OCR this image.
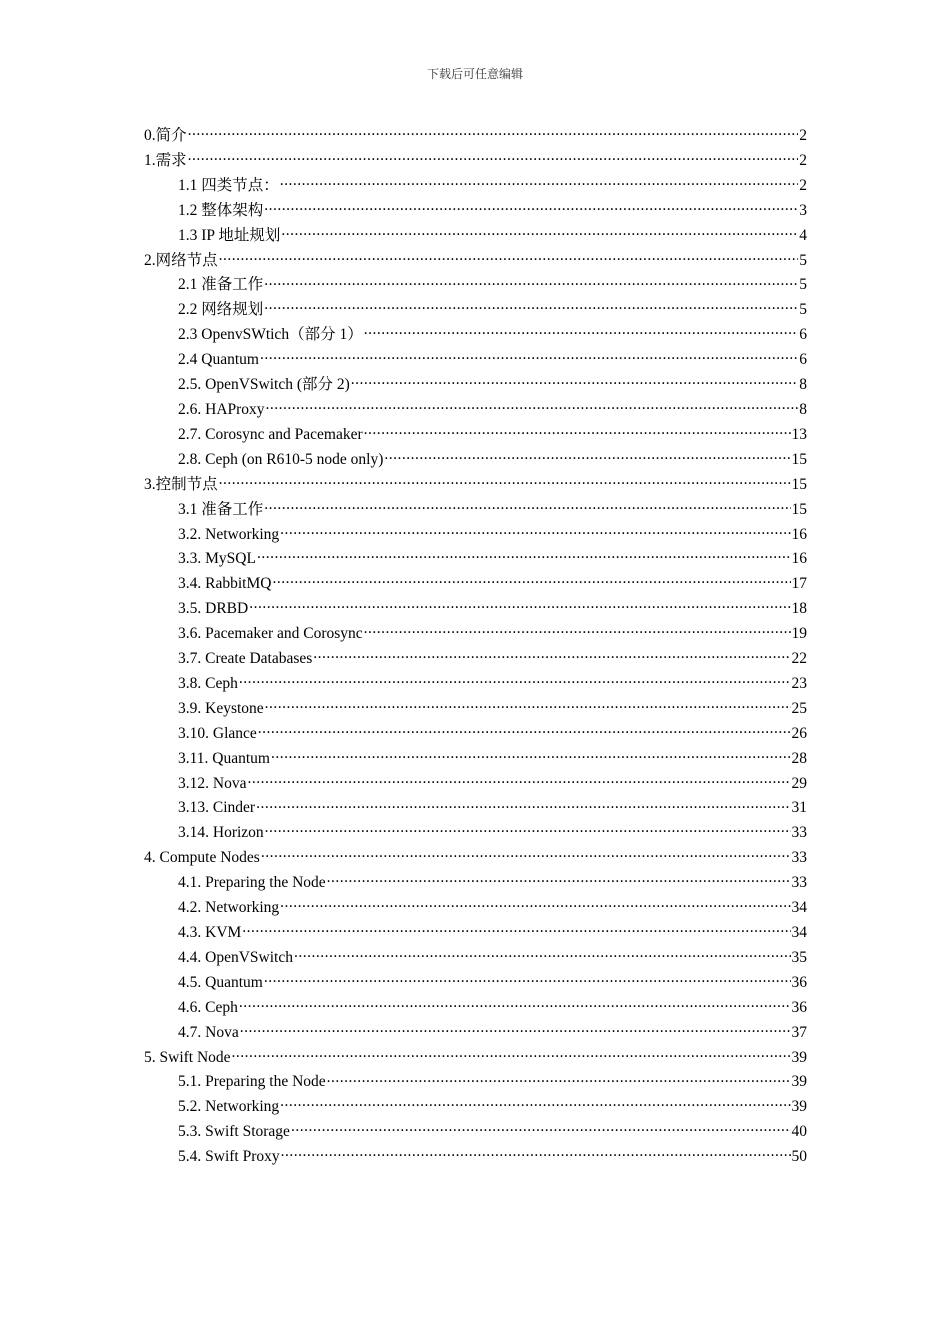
下载后可任意编辑
0.简介 .....	2
1.需求 .....	2
1.1 四类节点： .....	2
1.2 整体架构 .....	3
1.3 IP 地址规划 .....	4
2.网络节点 .....	5
2.1 准备工作 .....	5
2.2 网络规划 .....	5
2.3 OpenvSWtich（部分 1） .....	6
2.4 Quantum .....	6
2.5. OpenVSwitch (部分 2) .....	8
2.6. HAProxy .....	8
2.7. Corosync and Pacemaker .....	13
2.8. Ceph (on R610-5 node only) .....	15
3.控制节点 .....	15
3.1 准备工作 .....	15
3.2. Networking .....	16
3.3. MySQL .....	16
3.4. RabbitMQ .....	17
3.5. DRBD .....	18
3.6. Pacemaker and Corosync .....	19
3.7. Create Databases .....	22
3.8. Ceph .....	23
3.9. Keystone .....	25
3.10. Glance .....	26
3.11. Quantum .....	28
3.12. Nova .....	29
3.13. Cinder .....	31
3.14. Horizon .....	33
4. Compute Nodes .....	33
4.1. Preparing the Node .....	33
4.2. Networking .....	34
4.3. KVM .....	34
4.4. OpenVSwitch .....	35
4.5. Quantum .....	36
4.6. Ceph .....	36
4.7. Nova .....	37
5. Swift Node .....	39
5.1. Preparing the Node .....	39
5.2. Networking .....	39
5.3. Swift Storage .....	40
5.4. Swift Proxy .....	50
